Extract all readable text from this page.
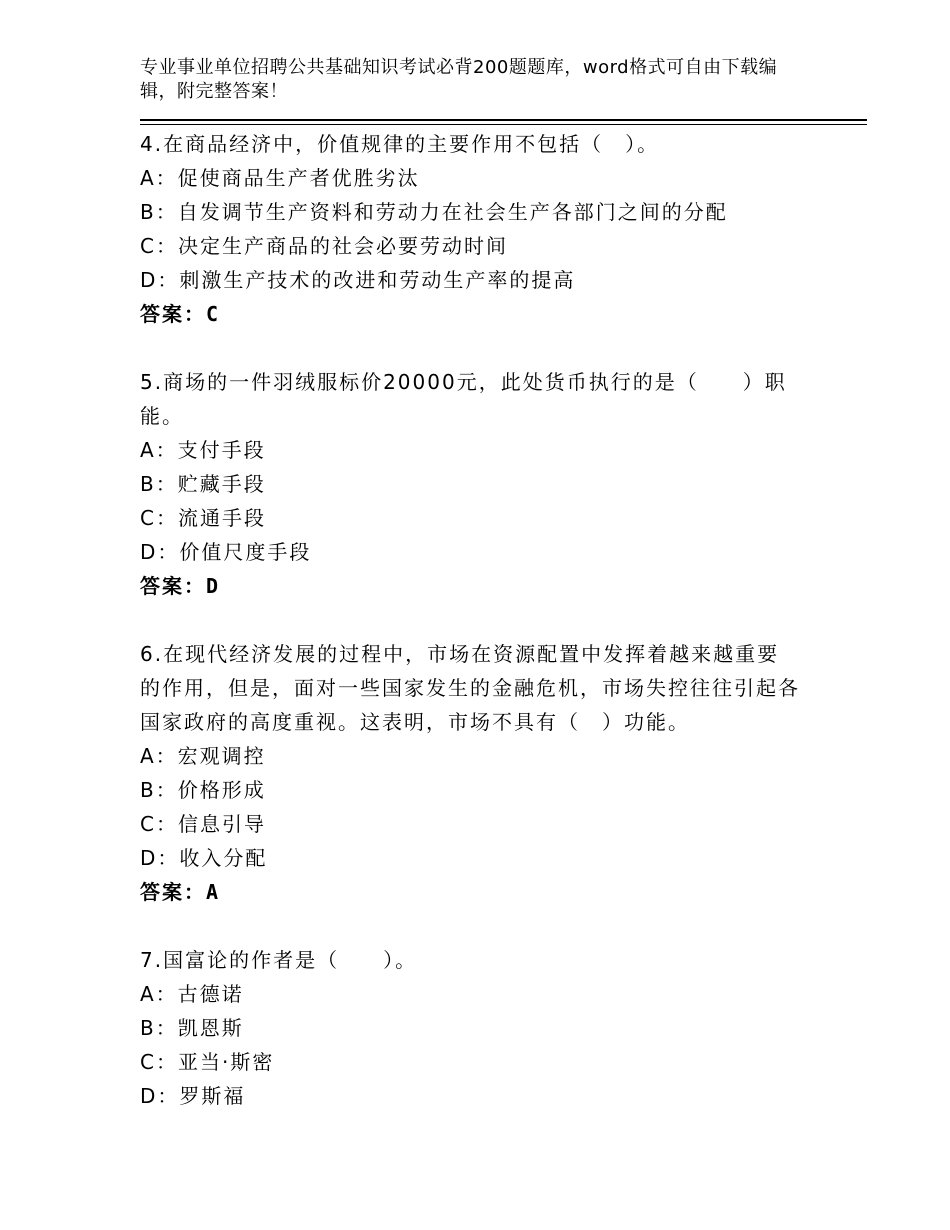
专业事业单位招聘公共基础知识考试必背200题题库，word格式可自由下载编辑，附完整答案！

4.在商品经济中，价值规律的主要作用不包括（　）。

A：促使商品生产者优胜劣汰

B：自发调节生产资料和劳动力在社会生产各部门之间的分配

C：决定生产商品的社会必要劳动时间

D：刺激生产技术的改进和劳动生产率的提高

答案：C

5.商场的一件羽绒服标价20000元，此处货币执行的是（　　）职能。

A：支付手段

B：贮藏手段

C：流通手段

D：价值尺度手段

答案：D

6.在现代经济发展的过程中，市场在资源配置中发挥着越来越重要的作用，但是，面对一些国家发生的金融危机，市场失控往往引起各国家政府的高度重视。这表明，市场不具有（　）功能。

A：宏观调控

B：价格形成

C：信息引导

D：收入分配

答案：A

7.国富论的作者是（　　）。

A：古德诺

B：凯恩斯

C：亚当·斯密

D：罗斯福
